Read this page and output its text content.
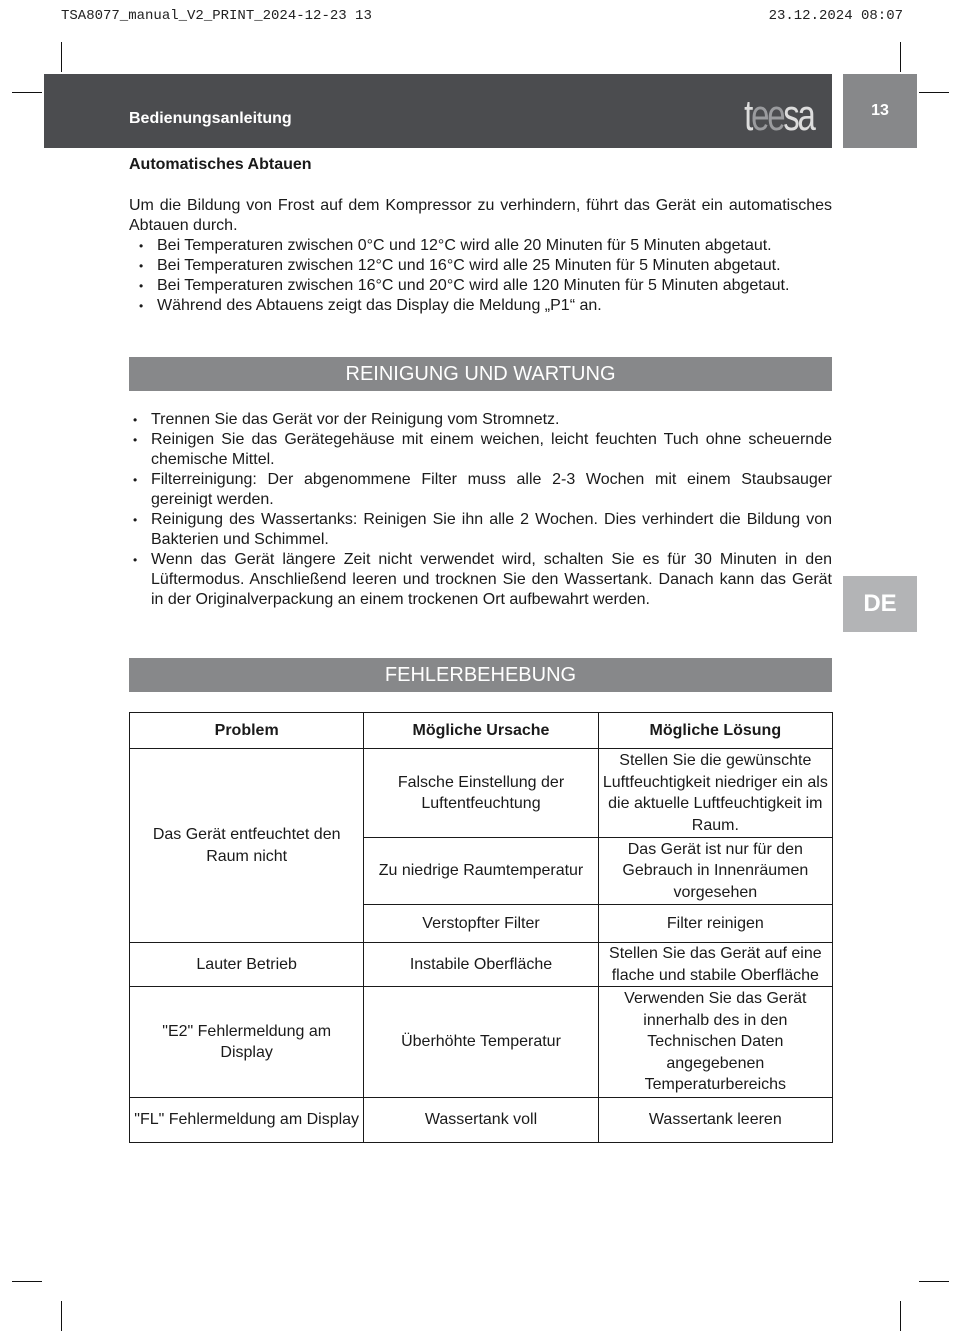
TSA8077_manual_V2_PRINT_2024-12-23 13	23.12.2024 08:07
Bedienungsanleitung	teesa	13
DE
Automatisches Abtauen
Um die Bildung von Frost auf dem Kompressor zu verhindern, führt das Gerät ein automatisches Abtauen durch.
• Bei Temperaturen zwischen 0°C und 12°C wird alle 20 Minuten für 5 Minuten abgetaut.
• Bei Temperaturen zwischen 12°C und 16°C wird alle 25 Minuten für 5 Minuten abgetaut.
• Bei Temperaturen zwischen 16°C und 20°C wird alle 120 Minuten für 5 Minuten abgetaut.
• Während des Abtauens zeigt das Display die Meldung „P1“ an.
REINIGUNG UND WARTUNG
• Trennen Sie das Gerät vor der Reinigung vom Stromnetz.
• Reinigen Sie das Gerätegehäuse mit einem weichen, leicht feuchten Tuch ohne scheuernde chemische Mittel.
• Filterreinigung: Der abgenommene Filter muss alle 2-3 Wochen mit einem Staubsauger gereinigt werden.
• Reinigung des Wassertanks: Reinigen Sie ihn alle 2 Wochen. Dies verhindert die Bildung von Bakterien und Schimmel.
• Wenn das Gerät längere Zeit nicht verwendet wird, schalten Sie es für 30 Minuten in den Lüftermodus. Anschließend leeren und trocknen Sie den Wassertank. Danach kann das Gerät in der Originalverpackung an einem trockenen Ort aufbewahrt werden.
FEHLERBEHEBUNG
Problem	Mögliche Ursache	Mögliche Lösung
Das Gerät entfeuchtet den Raum nicht	Falsche Einstellung der Luftentfeuchtung	Stellen Sie die gewünschte Luftfeuchtigkeit niedriger ein als die aktuelle Luftfeuchtigkeit im Raum.
	Zu niedrige Raumtemperatur	Das Gerät ist nur für den Gebrauch in Innenräumen vorgesehen
	Verstopfter Filter	Filter reinigen
Lauter Betrieb	Instabile Oberfläche	Stellen Sie das Gerät auf eine flache und stabile Oberfläche
"E2" Fehlermeldung am Display	Überhöhte Temperatur	Verwenden Sie das Gerät innerhalb des in den Technischen Daten angegebenen Temperaturbereichs
"FL" Fehlermeldung am Display	Wassertank voll	Wassertank leeren
